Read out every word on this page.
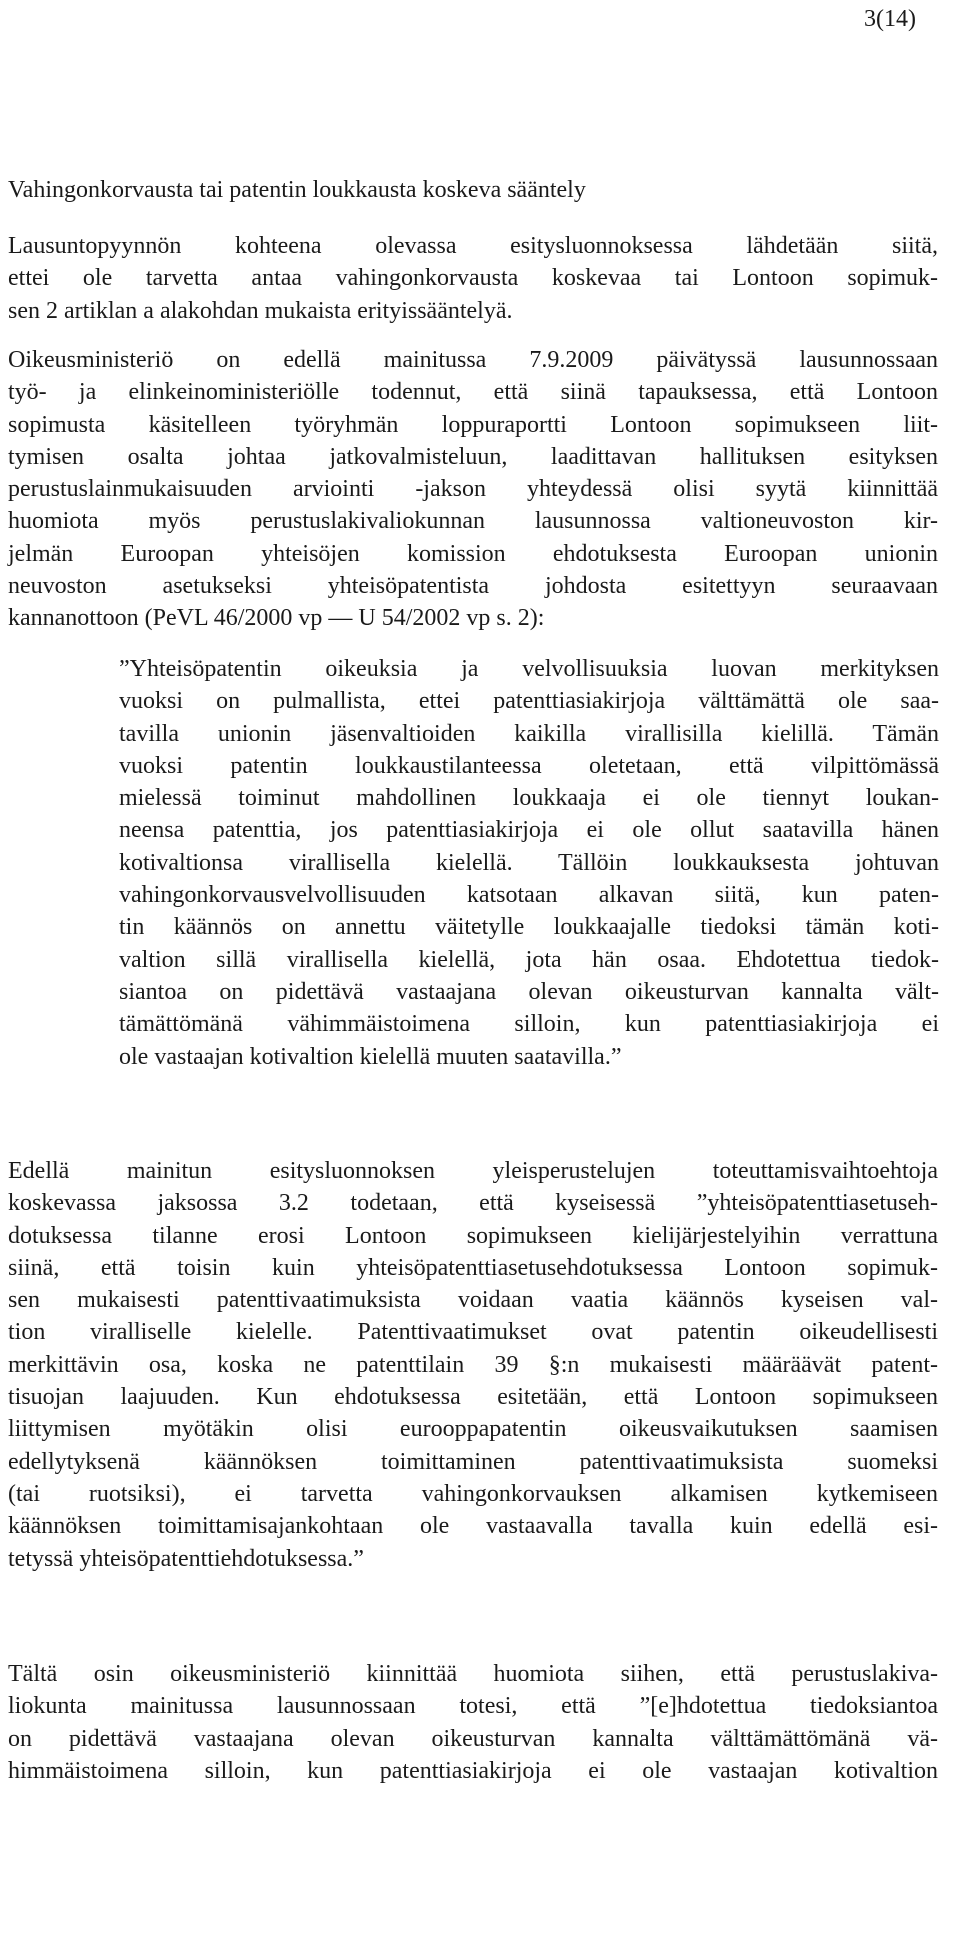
3(14)
Vahingonkorvausta tai patentin loukkausta koskeva sääntely
Lausuntopyynnön kohteena olevassa esitysluonnoksessa lähdetään siitä,
ettei ole tarvetta antaa vahingonkorvausta koskevaa tai Lontoon sopimuk-
sen 2 artiklan a alakohdan mukaista erityissääntelyä.
Oikeusministeriö on edellä mainitussa 7.9.2009 päivätyssä lausunnossaan
työ- ja elinkeinoministeriölle todennut, että siinä tapauksessa, että Lontoon
sopimusta käsitelleen työryhmän loppuraportti Lontoon sopimukseen liit-
tymisen osalta johtaa jatkovalmisteluun, laadittavan hallituksen esityksen
perustuslainmukaisuuden arviointi -jakson yhteydessä olisi syytä kiinnittää
huomiota myös perustuslakivaliokunnan lausunnossa valtioneuvoston kir-
jelmän Euroopan yhteisöjen komission ehdotuksesta Euroopan unionin
neuvoston asetukseksi yhteisöpatentista johdosta esitettyyn seuraavaan
kannanottoon (PeVL 46/2000 vp — U 54/2002 vp s. 2):
”Yhteisöpatentin oikeuksia ja velvollisuuksia luovan merkityksen
vuoksi on pulmallista, ettei patenttiasiakirjoja välttämättä ole saa-
tavilla unionin jäsenvaltioiden kaikilla virallisilla kielillä. Tämän
vuoksi patentin loukkaustilanteessa oletetaan, että vilpittömässä
mielessä toiminut mahdollinen loukkaaja ei ole tiennyt loukan-
neensa patenttia, jos patenttiasiakirjoja ei ole ollut saatavilla hänen
kotivaltionsa virallisella kielellä. Tällöin loukkauksesta johtuvan
vahingonkorvausvelvollisuuden katsotaan alkavan siitä, kun paten-
tin käännös on annettu väitetylle loukkaajalle tiedoksi tämän koti-
valtion sillä virallisella kielellä, jota hän osaa. Ehdotettua tiedok-
siantoa on pidettävä vastaajana olevan oikeusturvan kannalta vält-
tämättömänä vähimmäistoimena silloin, kun patenttiasiakirjoja ei
ole vastaajan kotivaltion kielellä muuten saatavilla.”
Edellä mainitun esitysluonnoksen yleisperustelujen toteuttamisvaihtoehtoja
koskevassa jaksossa 3.2 todetaan, että kyseisessä ”yhteisöpatenttiasetuseh-
dotuksessa tilanne erosi Lontoon sopimukseen kielijärjestelyihin verrattuna
siinä, että toisin kuin yhteisöpatenttiasetusehdotuksessa Lontoon sopimuk-
sen mukaisesti patenttivaatimuksista voidaan vaatia käännös kyseisen val-
tion viralliselle kielelle. Patenttivaatimukset ovat patentin oikeudellisesti
merkittävin osa, koska ne patenttilain 39 §:n mukaisesti määräävät patent-
tisuojan laajuuden. Kun ehdotuksessa esitetään, että Lontoon sopimukseen
liittymisen myötäkin olisi eurooppapatentin oikeusvaikutuksen saamisen
edellytyksenä käännöksen toimittaminen patenttivaatimuksista suomeksi
(tai ruotsiksi), ei tarvetta vahingonkorvauksen alkamisen kytkemiseen
käännöksen toimittamisajankohtaan ole vastaavalla tavalla kuin edellä esi-
tetyssä yhteisöpatenttiehdotuksessa.”
Tältä osin oikeusministeriö kiinnittää huomiota siihen, että perustuslakiva-
liokunta mainitussa lausunnossaan totesi, että ”[e]hdotettua tiedoksiantoa
on pidettävä vastaajana olevan oikeusturvan kannalta välttämättömänä vä-
himmäistoimena silloin, kun patenttiasiakirjoja ei ole vastaajan kotivaltion
